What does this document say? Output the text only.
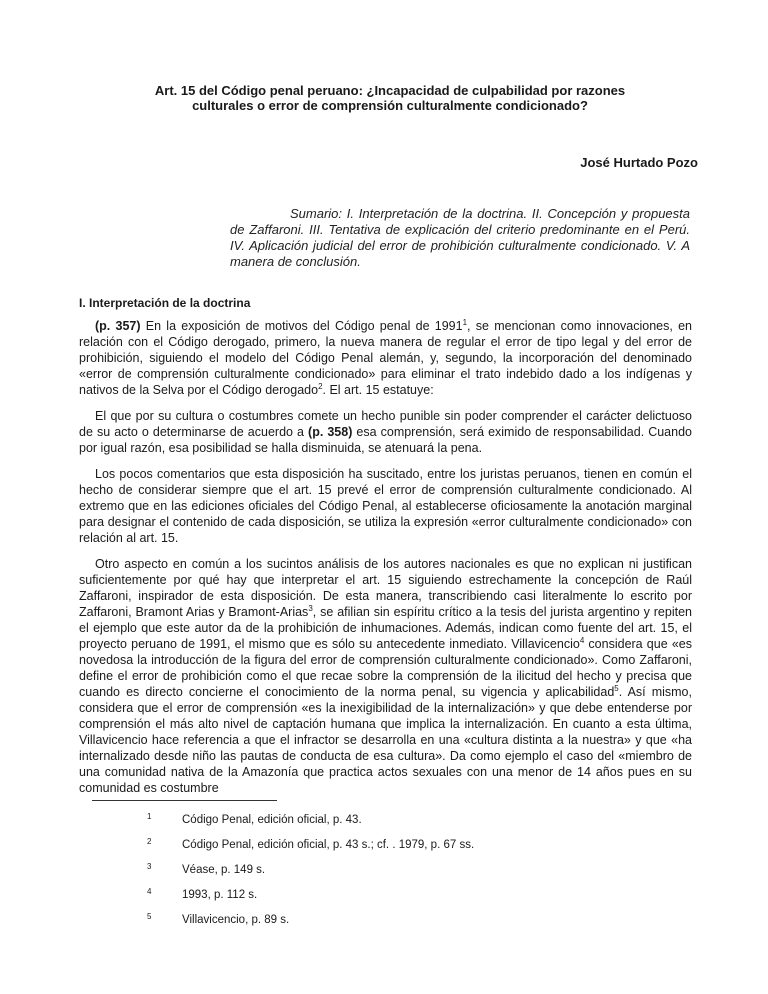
Art. 15 del Código penal peruano: ¿Incapacidad de culpabilidad por razones culturales o error de comprensión culturalmente condicionado?
José Hurtado Pozo
Sumario: I. Interpretación de la doctrina. II. Concepción y propuesta de Zaffaroni. III. Tentativa de explicación del criterio predominante en el Perú. IV. Aplicación judicial del error de prohibición culturalmente condicionado. V. A manera de conclusión.
I. Interpretación de la doctrina

(p. 357) En la exposición de motivos del Código penal de 1991$^1$, se mencionan como innovaciones, en relación con el Código derogado, primero, la nueva manera de regular el error de tipo legal y del error de prohibición, siguiendo el modelo del Código Penal alemán, y, segundo, la incorporación del denominado «error de comprensión culturalmente condicionado» para eliminar el trato indebido dado a los indígenas y nativos de la Selva por el Código derogado$^2$. El art. 15 estatuye:

El que por su cultura o costumbres comete un hecho punible sin poder comprender el carácter delictuoso de su acto o determinarse de acuerdo a (p. 358) esa comprensión, será eximido de responsabilidad. Cuando por igual razón, esa posibilidad se halla disminuida, se atenuará la pena.

Los pocos comentarios que esta disposición ha suscitado, entre los juristas peruanos, tienen en común el hecho de considerar siempre que el art. 15 prevé el error de comprensión culturalmente condicionado. Al extremo que en las ediciones oficiales del Código Penal, al establecerse oficiosamente la anotación marginal para designar el contenido de cada disposición, se utiliza la expresión «error culturalmente condicionado» con relación al art. 15.

Otro aspecto en común a los sucintos análisis de los autores nacionales es que no explican ni justifican suficientemente por qué hay que interpretar el art. 15 siguiendo estrechamente la concepción de Raúl Zaffaroni, inspirador de esta disposición. De esta manera, transcribiendo casi literalmente lo escrito por Zaffaroni, Bramont Arias y Bramont-Arias$^3$, se afilian sin espíritu crítico a la tesis del jurista argentino y repiten el ejemplo que este autor da de la prohibición de inhumaciones. Además, indican como fuente del art. 15, el proyecto peruano de 1991, el mismo que es sólo su antecedente inmediato. Villavicencio$^4$ considera que «es novedosa la introducción de la figura del error de comprensión culturalmente condicionado». Como Zaffaroni, define el error de prohibición como el que recae sobre la comprensión de la ilicitud del hecho y precisa que cuando es directo concierne el conocimiento de la norma penal, su vigencia y aplicabilidad$^5$. Así mismo, considera que el error de comprensión «es la inexigibilidad de la internalización» y que debe entenderse por comprensión el más alto nivel de captación humana que implica la internalización. En cuanto a esta última, Villavicencio hace referencia a que el infractor se desarrolla en una «cultura distinta a la nuestra» y que «ha internalizado desde niño las pautas de conducta de esa cultura». Da como ejemplo el caso del «miembro de una comunidad nativa de la Amazonía que practica actos sexuales con una menor de 14 años pues en su comunidad es costumbre

1	Código Penal, edición oficial, p. 43.
2	Código Penal, edición oficial, p. 43 s.; cf. . 1979, p. 67 ss.
3	Véase, p. 149 s.
4	1993, p. 112 s.
5	Villavicencio, p. 89 s.
